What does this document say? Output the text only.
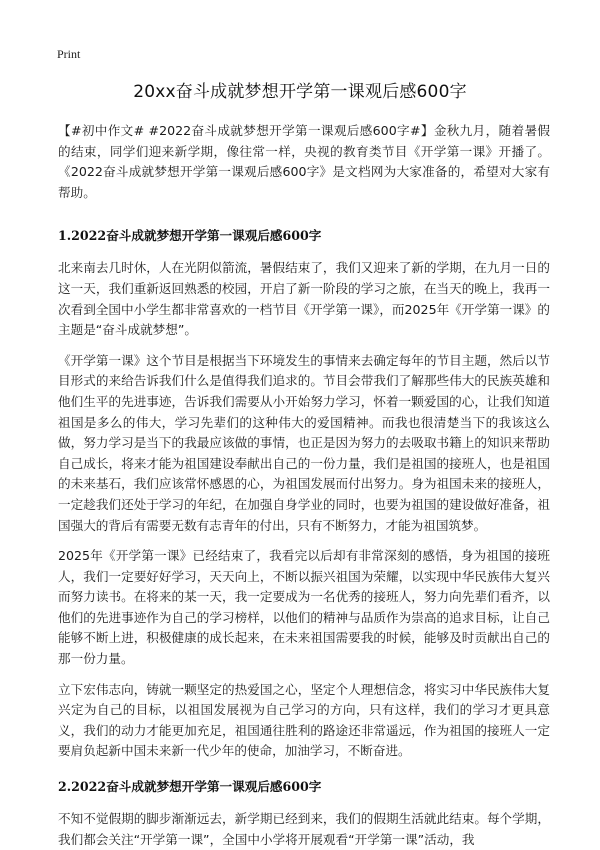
Print
20xx奋斗成就梦想开学第一课观后感600字

【#初中作文# #2022奋斗成就梦想开学第一课观后感600字#】金秋九月，随着暑假的结束，同学们迎来新学期，像往常一样，央视的教育类节目《开学第一课》开播了。《2022奋斗成就梦想开学第一课观后感600字》是文档网为大家准备的，希望对大家有帮助。

1.2022奋斗成就梦想开学第一课观后感600字

北来南去几时休，人在光阴似箭流，暑假结束了，我们又迎来了新的学期，在九月一日的这一天，我们重新返回熟悉的校园，开启了新一阶段的学习之旅，在当天的晚上，我再一次看到全国中小学生都非常喜欢的一档节目《开学第一课》，而2025年《开学第一课》的主题是“奋斗成就梦想”。

《开学第一课》这个节目是根据当下环境发生的事情来去确定每年的节目主题，然后以节目形式的来给告诉我们什么是值得我们追求的。节目会带我们了解那些伟大的民族英雄和他们生平的先进事迹，告诉我们需要从小开始努力学习，怀着一颗爱国的心，让我们知道祖国是多么的伟大，学习先辈们的这种伟大的爱国精神。而我也很清楚当下的我该这么做，努力学习是当下的我最应该做的事情，也正是因为努力的去吸取书籍上的知识来帮助自己成长，将来才能为祖国建设奉献出自己的一份力量，我们是祖国的接班人，也是祖国的未来基石，我们应该常怀感恩的心，为祖国发展而付出努力。身为祖国未来的接班人，一定趁我们还处于学习的年纪，在加强自身学业的同时，也要为祖国的建设做好准备，祖国强大的背后有需要无数有志青年的付出，只有不断努力，才能为祖国筑梦。

2025年《开学第一课》已经结束了，我看完以后却有非常深刻的感悟，身为祖国的接班人，我们一定要好好学习，天天向上，不断以振兴祖国为荣耀，以实现中华民族伟大复兴而努力读书。在将来的某一天，我一定要成为一名优秀的接班人，努力向先辈们看齐，以他们的先进事迹作为自己的学习榜样，以他们的精神与品质作为崇高的追求目标，让自己能够不断上进，积极健康的成长起来，在未来祖国需要我的时候，能够及时贡献出自己的那一份力量。

立下宏伟志向，铸就一颗坚定的热爱国之心，坚定个人理想信念，将实习中华民族伟大复兴定为自己的目标，以祖国发展视为自己学习的方向，只有这样，我们的学习才更具意义，我们的动力才能更加充足，祖国通往胜利的路途还非常遥远，作为祖国的接班人一定要肩负起新中国未来新一代少年的使命，加油学习，不断奋进。

2.2022奋斗成就梦想开学第一课观后感600字

不知不觉假期的脚步渐渐远去，新学期已经到来，我们的假期生活就此结束。每个学期，我们都会关注“开学第一课”，全国中小学将开展观看“开学第一课”活动，我
